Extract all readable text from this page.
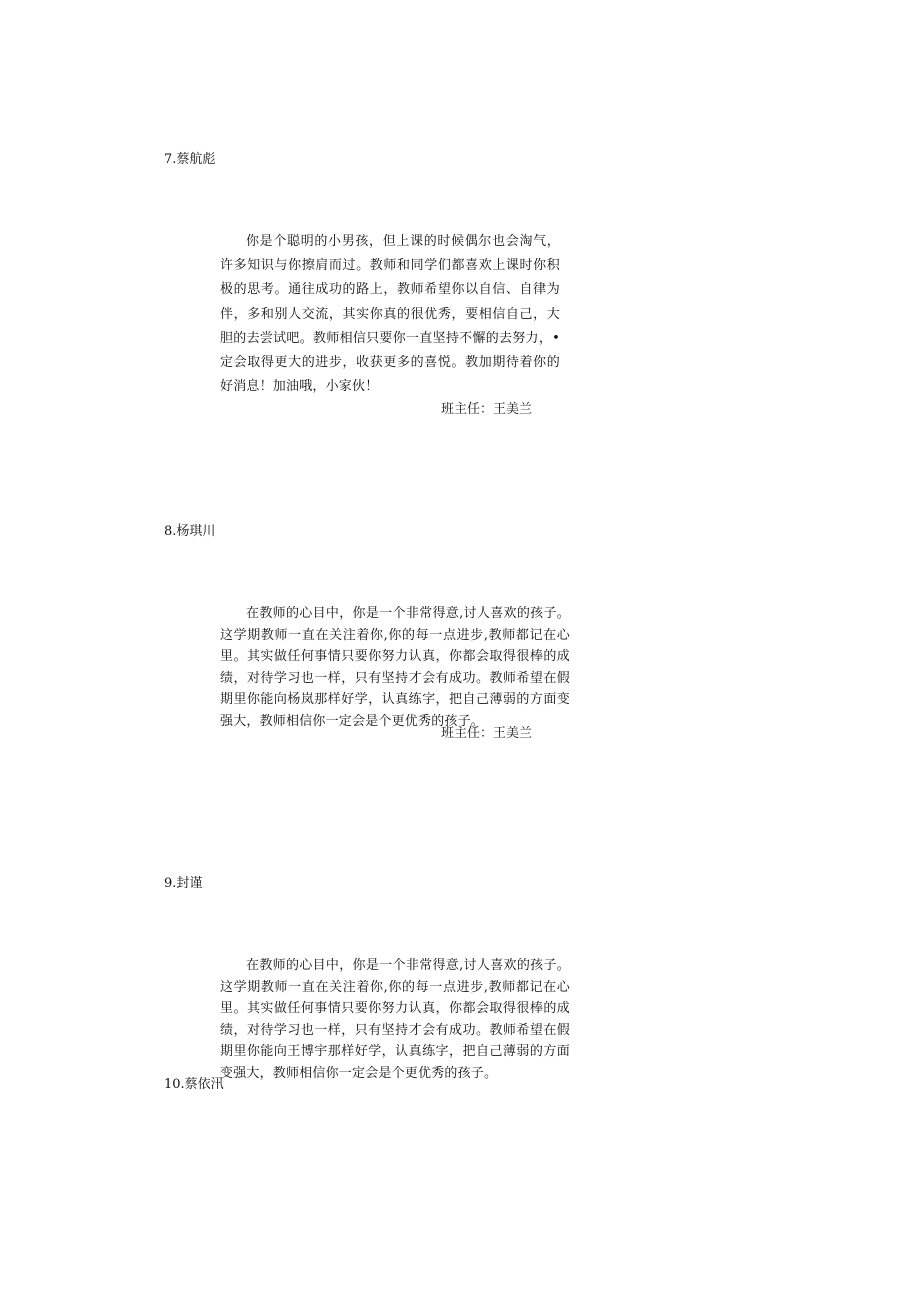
7.蔡航彪

你是个聪明的小男孩，但上课的时候偶尔也会淘气，许多知识与你擦肩而过。教师和同学们都喜欢上课时你积极的思考。通往成功的路上，教师希望你以自信、自律为伴，多和别人交流，其实你真的很优秀，要相信自己，大胆的去尝试吧。教师相信只要你一直坚持不懈的去努力，•定会取得更大的进步，收获更多的喜悦。教加期待着你的好消息！加油哦，小家伙！

班主任：王美兰
8.杨琪川

在教师的心目中，你是一个非常得意,讨人喜欢的孩子。这学期教师一直在关注着你,你的每一点进步,教师都记在心里。其实做任何事情只要你努力认真，你都会取得很棒的成绩，对待学习也一样，只有坚持才会有成功。教师希望在假期里你能向杨岚那样好学，认真练字，把自己薄弱的方面变强大，教师相信你一定会是个更优秀的孩子。

班主任：王美兰
9.封谨

在教师的心目中，你是一个非常得意,讨人喜欢的孩子。这学期教师一直在关注着你,你的每一点进步,教师都记在心里。其实做任何事情只要你努力认真，你都会取得很棒的成绩，对待学习也一样，只有坚持才会有成功。教师希望在假期里你能向王博宇那样好学，认真练字，把自己薄弱的方面变强大，教师相信你一定会是个更优秀的孩子。

10.蔡依汛
